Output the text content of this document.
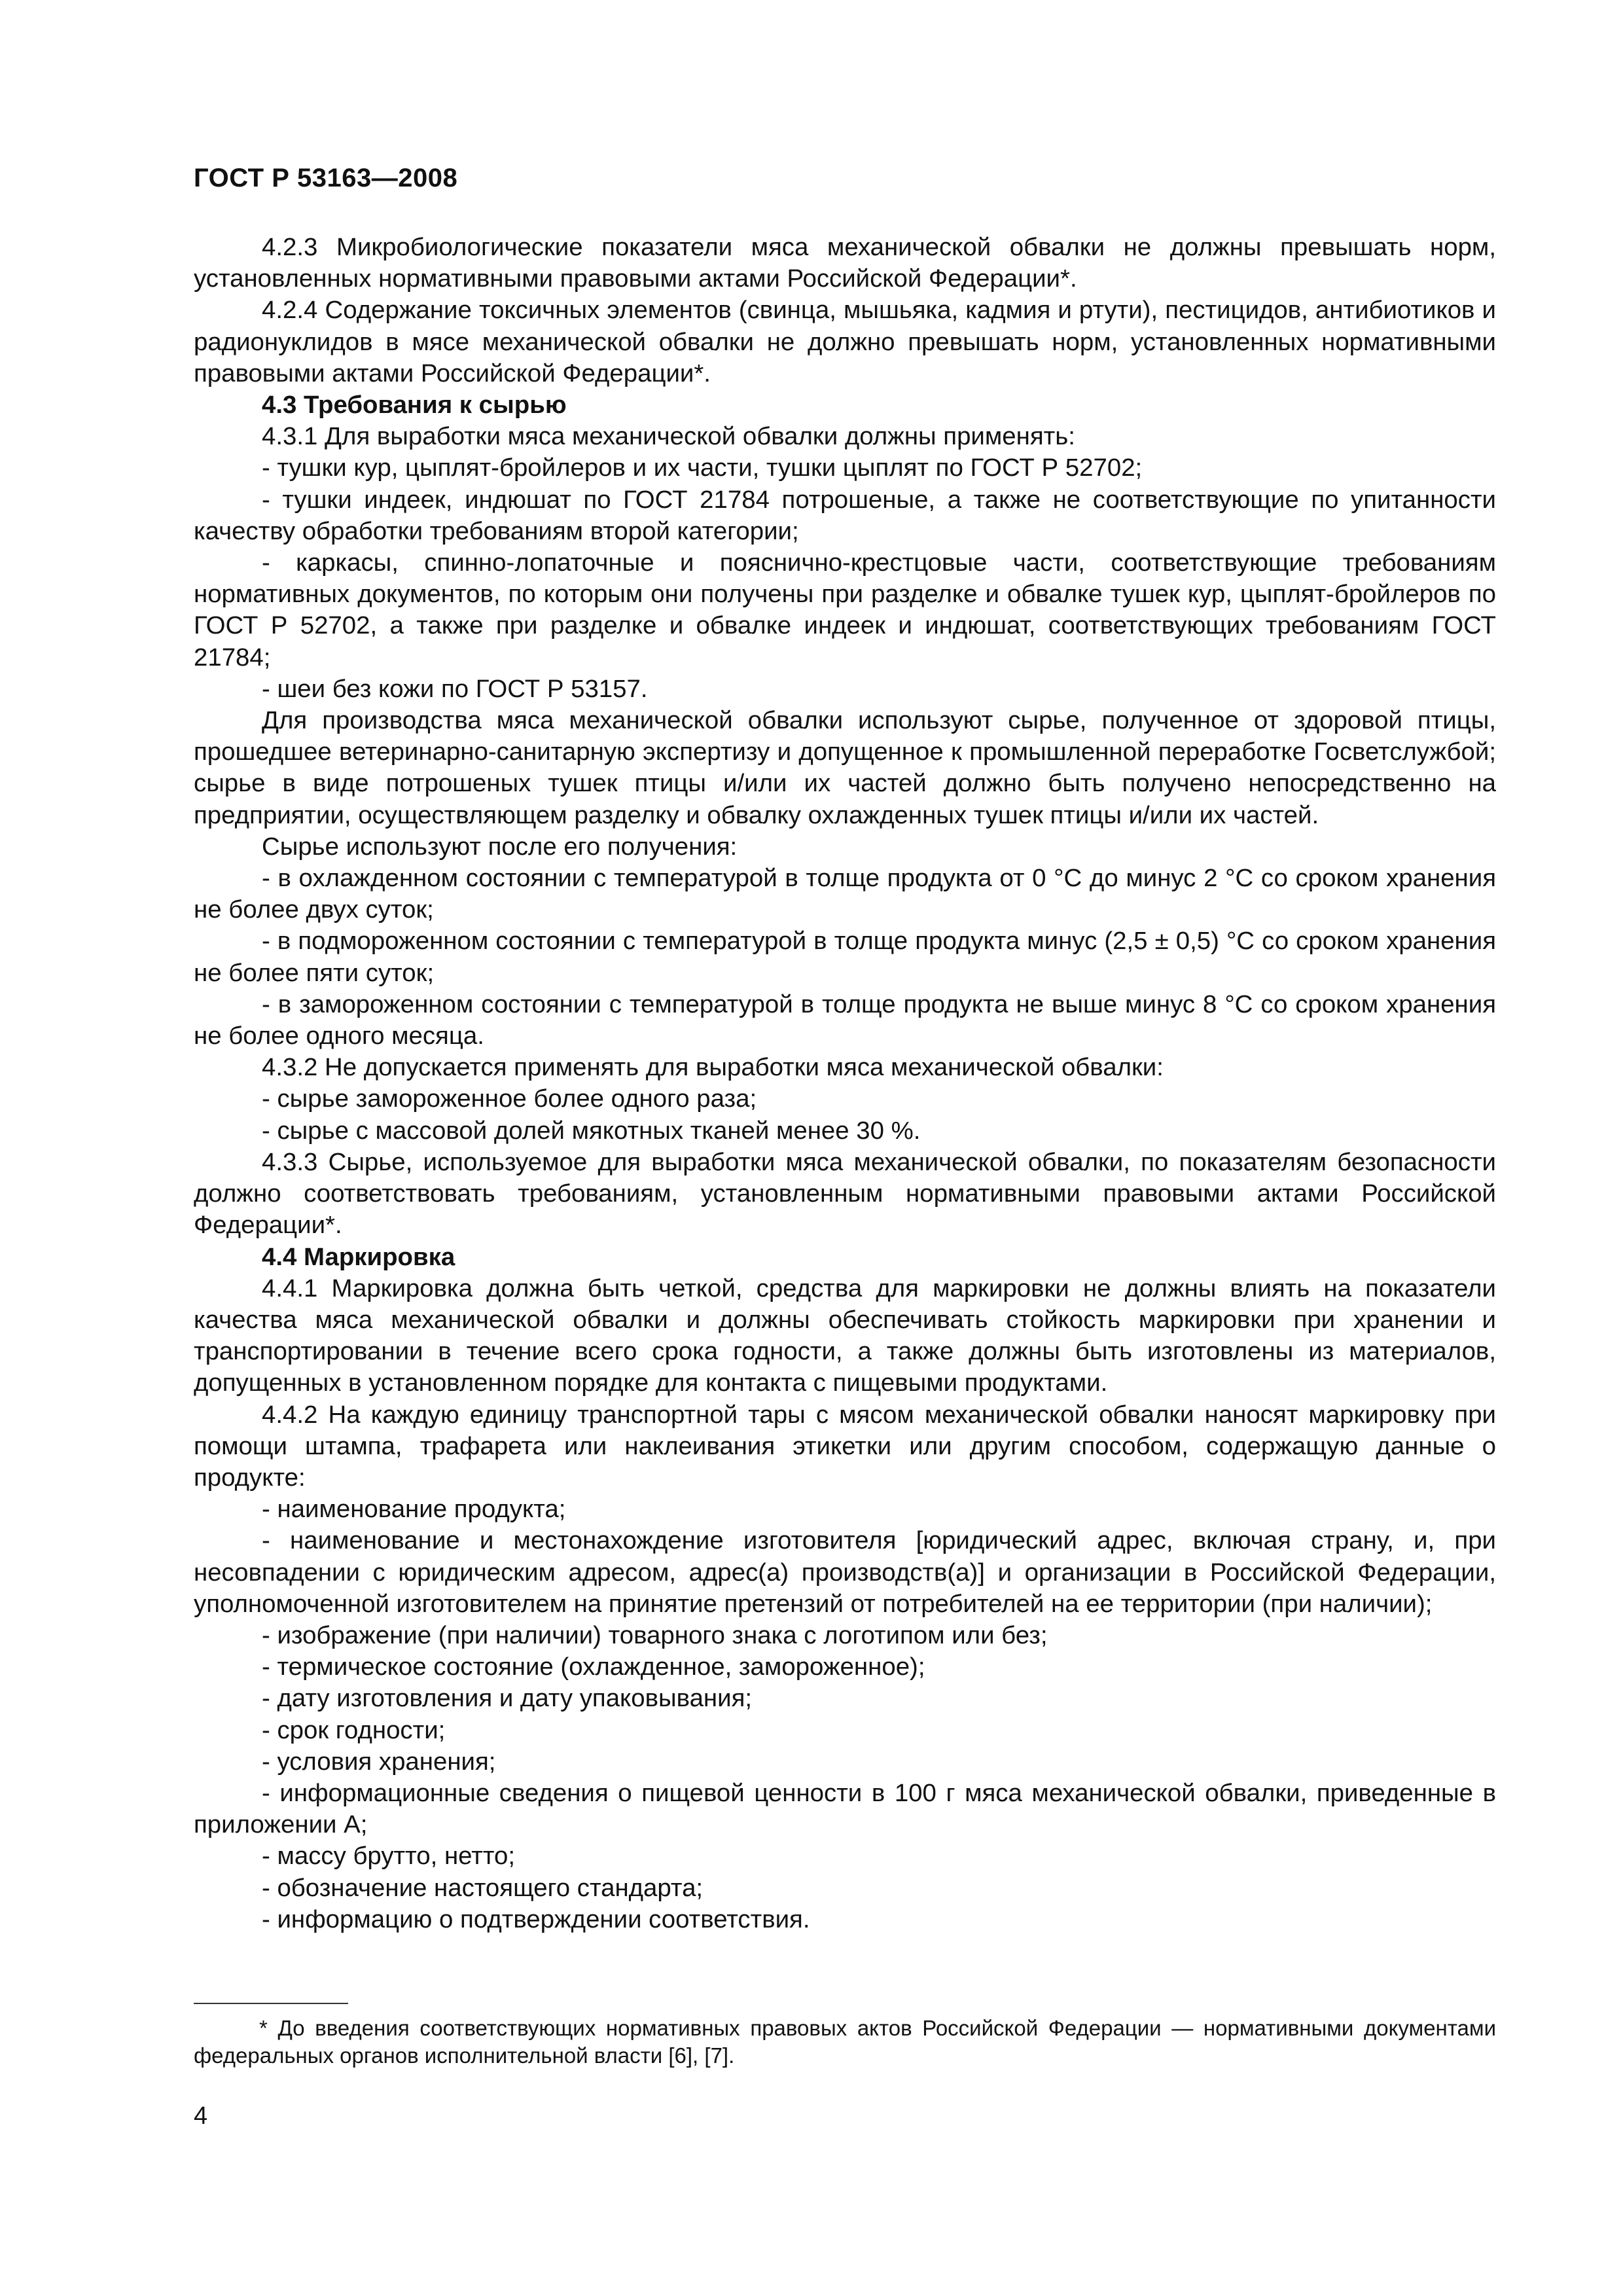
ГОСТ Р 53163—2008

4.2.3 Микробиологические показатели мяса механической обвалки не должны превышать норм, установленных нормативными правовыми актами Российской Федерации*.

4.2.4 Содержание токсичных элементов (свинца, мышьяка, кадмия и ртути), пестицидов, антибиотиков и радионуклидов в мясе механической обвалки не должно превышать норм, установленных нормативными правовыми актами Российской Федерации*.

4.3 Требования к сырью

4.3.1 Для выработки мяса механической обвалки должны применять:

- тушки кур, цыплят-бройлеров и их части, тушки цыплят по ГОСТ Р 52702;

- тушки индеек, индюшат по ГОСТ 21784 потрошеные, а также не соответствующие по упитанности качеству обработки требованиям второй категории;

- каркасы, спинно-лопаточные и пояснично-крестцовые части, соответствующие требованиям нормативных документов, по которым они получены при разделке и обвалке тушек кур, цыплят-бройлеров по ГОСТ Р 52702, а также при разделке и обвалке индеек и индюшат, соответствующих требованиям ГОСТ 21784;

- шеи без кожи по ГОСТ Р 53157.

Для производства мяса механической обвалки используют сырье, полученное от здоровой птицы, прошедшее ветеринарно-санитарную экспертизу и допущенное к промышленной переработке Госветслужбой; сырье в виде потрошеных тушек птицы и/или их частей должно быть получено непосредственно на предприятии, осуществляющем разделку и обвалку охлажденных тушек птицы и/или их частей.

Сырье используют после его получения:

- в охлажденном состоянии с температурой в толще продукта от 0 °С до минус 2 °С со сроком хранения не более двух суток;

- в подмороженном состоянии с температурой в толще продукта минус (2,5 ± 0,5) °С со сроком хранения не более пяти суток;

- в замороженном состоянии с температурой в толще продукта не выше минус 8 °С со сроком хранения не более одного месяца.

4.3.2 Не допускается применять для выработки мяса механической обвалки:

- сырье замороженное более одного раза;

- сырье с массовой долей мякотных тканей менее 30 %.

4.3.3 Сырье, используемое для выработки мяса механической обвалки, по показателям безопасности должно соответствовать требованиям, установленным нормативными правовыми актами Российской Федерации*.

4.4 Маркировка

4.4.1 Маркировка должна быть четкой, средства для маркировки не должны влиять на показатели качества мяса механической обвалки и должны обеспечивать стойкость маркировки при хранении и транспортировании в течение всего срока годности, а также должны быть изготовлены из материалов, допущенных в установленном порядке для контакта с пищевыми продуктами.

4.4.2 На каждую единицу транспортной тары с мясом механической обвалки наносят маркировку при помощи штампа, трафарета или наклеивания этикетки или другим способом, содержащую данные о продукте:

- наименование продукта;

- наименование и местонахождение изготовителя [юридический адрес, включая страну, и, при несовпадении с юридическим адресом, адрес(а) производств(а)] и организации в Российской Федерации, уполномоченной изготовителем на принятие претензий от потребителей на ее территории (при наличии);

- изображение (при наличии) товарного знака с логотипом или без;

- термическое состояние (охлажденное, замороженное);

- дату изготовления и дату упаковывания;

- срок годности;

- условия хранения;

- информационные сведения о пищевой ценности в 100 г мяса механической обвалки, приведенные в приложении А;

- массу брутто, нетто;

- обозначение настоящего стандарта;

- информацию о подтверждении соответствия.

* До введения соответствующих нормативных правовых актов Российской Федерации — нормативными документами федеральных органов исполнительной власти [6], [7].

4
